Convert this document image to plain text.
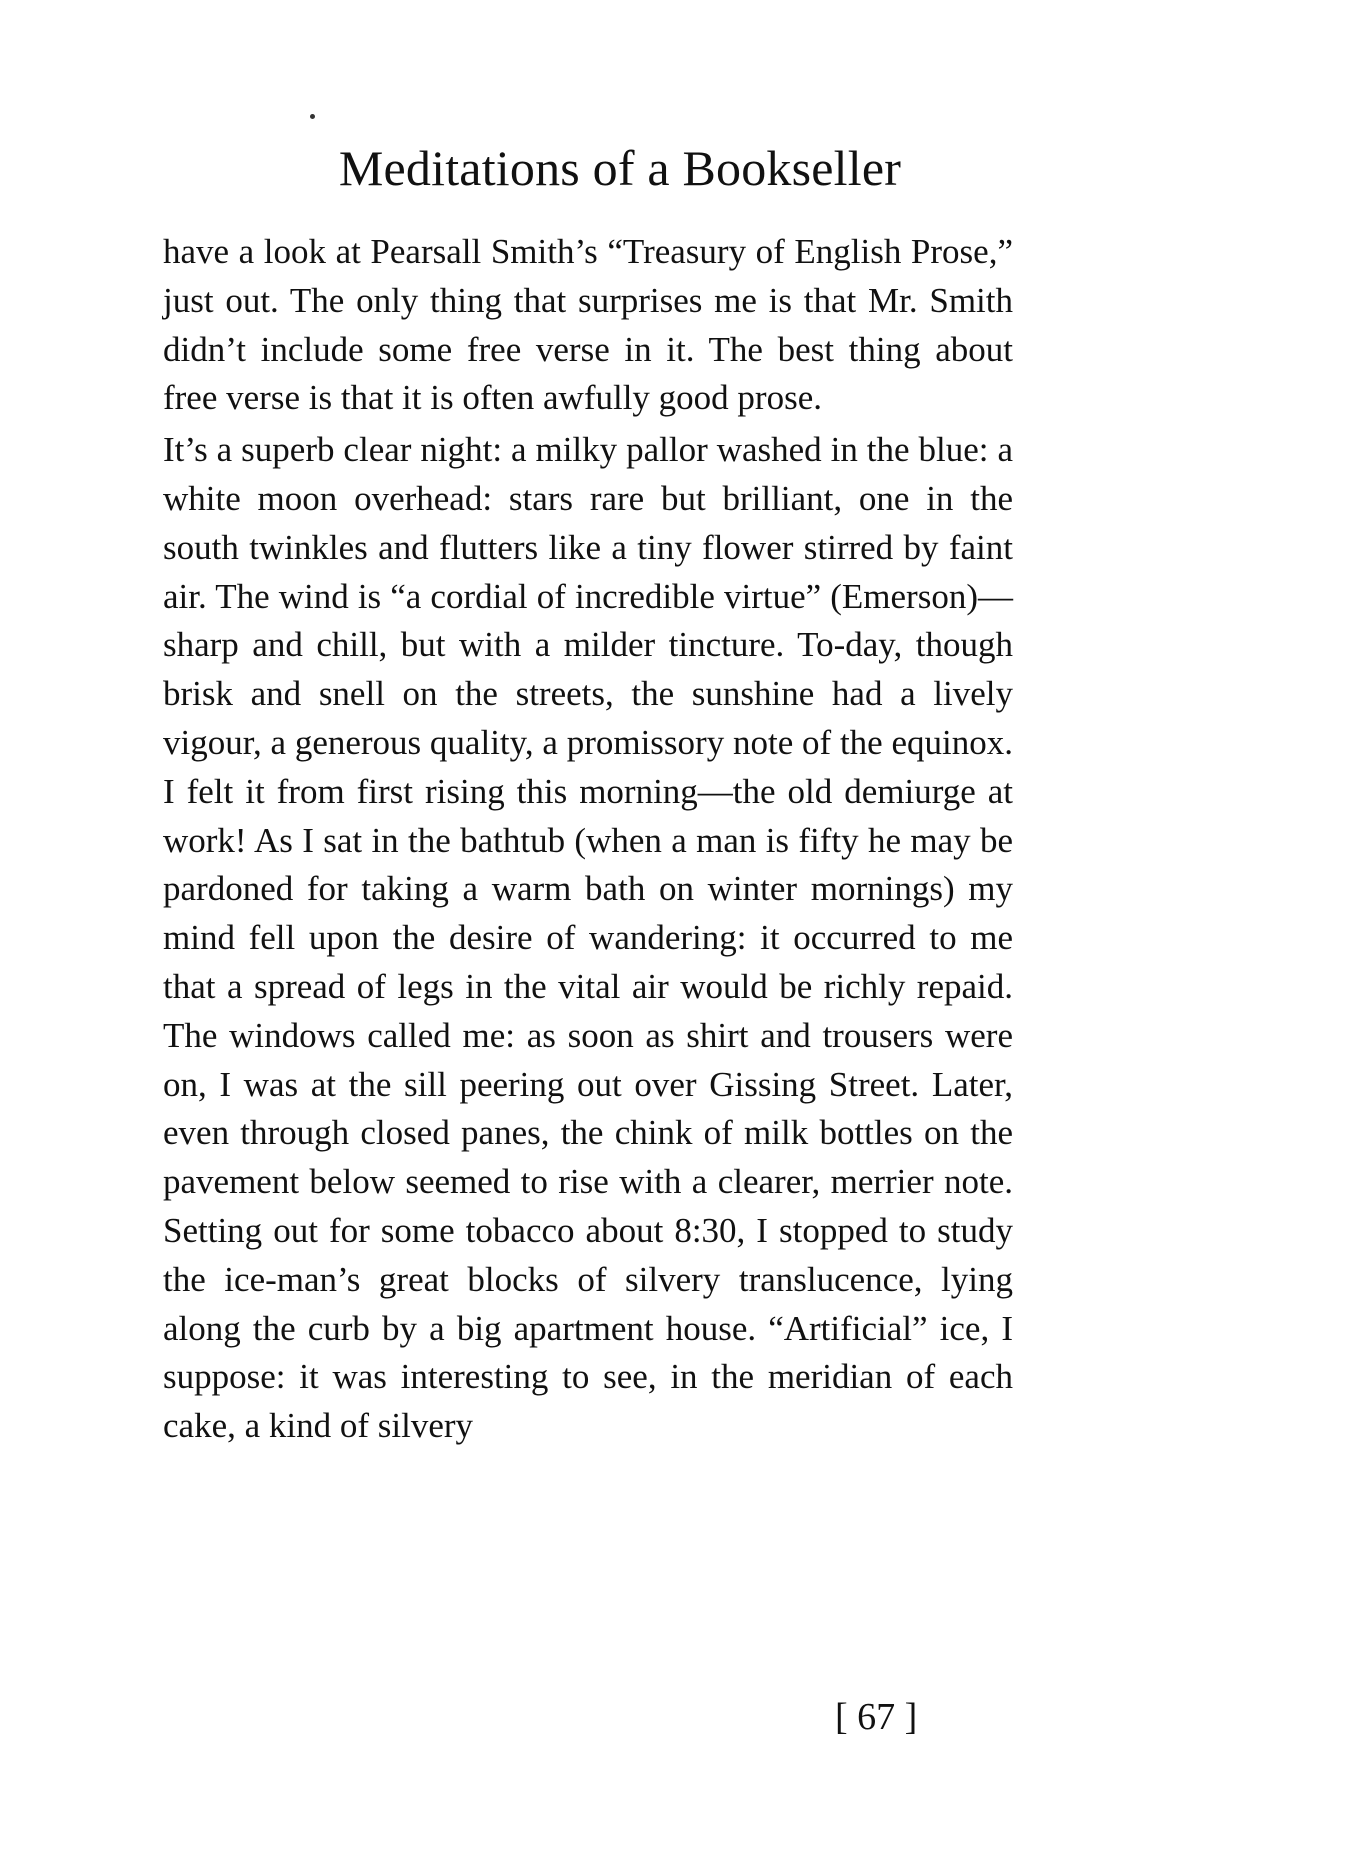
Meditations of a Bookseller

have a look at Pearsall Smith’s “Treasury of English Prose,” just out. The only thing that surprises me is that Mr. Smith didn’t include some free verse in it. The best thing about free verse is that it is often awfully good prose.

It’s a superb clear night: a milky pallor washed in the blue: a white moon overhead: stars rare but brilliant, one in the south twinkles and flutters like a tiny flower stirred by faint air. The wind is “a cordial of incredible virtue” (Emerson)—sharp and chill, but with a milder tincture. To-day, though brisk and snell on the streets, the sunshine had a lively vigour, a generous quality, a promissory note of the equinox. I felt it from first rising this morning—the old demiurge at work! As I sat in the bathtub (when a man is fifty he may be pardoned for taking a warm bath on winter mornings) my mind fell upon the desire of wandering: it occurred to me that a spread of legs in the vital air would be richly repaid. The windows called me: as soon as shirt and trousers were on, I was at the sill peering out over Gissing Street. Later, even through closed panes, the chink of milk bottles on the pavement below seemed to rise with a clearer, merrier note. Setting out for some tobacco about 8:30, I stopped to study the ice-man’s great blocks of silvery translucence, lying along the curb by a big apartment house. “Artificial” ice, I suppose: it was interesting to see, in the meridian of each cake, a kind of silvery

[ 67 ]
